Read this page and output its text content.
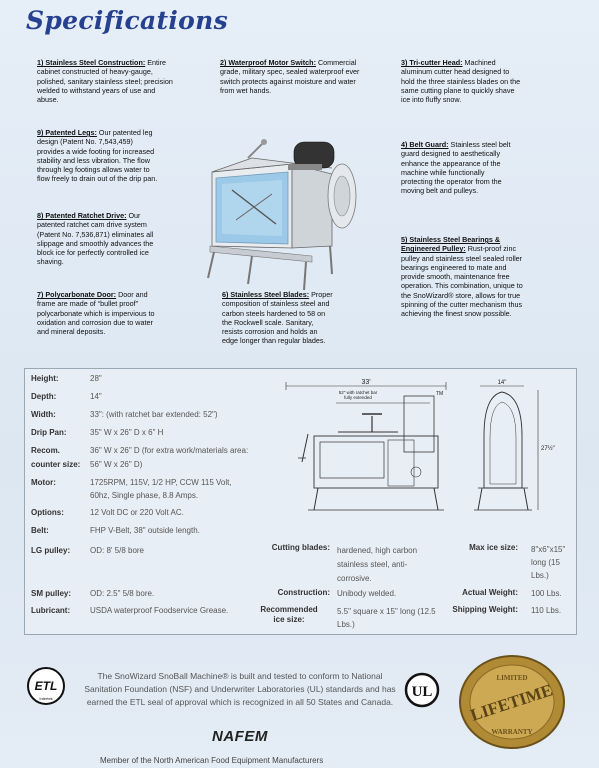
Specifications
1) Stainless Steel Construction: Entire cabinet constructed of heavy-gauge, polished, sanitary stainless steel; precision welded to withstand years of use and abuse.
2) Waterproof Motor Switch: Commercial grade, military spec, sealed waterproof ever switch protects against moisture and water from wet hands.
3) Tri-cutter Head: Machined aluminum cutter head designed to hold the three stainless blades on the same cutting plane to quickly shave ice into fluffy snow.
9) Patented Legs: Our patented leg design (Patent No. 7,543,459) provides a wide footing for increased stability and less vibration. The flow through leg footings allows water to flow freely to drain out of the drip pan.
4) Belt Guard: Stainless steel belt guard designed to aesthetically enhance the appearance of the machine while functionally protecting the operator from the moving belt and pulleys.
8) Patented Ratchet Drive: Our patented ratchet cam drive system (Patent No. 7,536,871) eliminates all slippage and smoothly advances the block ice for perfectly controlled ice shaving.
5) Stainless Steel Bearings & Engineered Pulley: Rust-proof zinc pulley and stainless steel sealed roller bearings engineered to mate and provide smooth, maintenance free operation. This combination, unique to the SnoWizard® store, allows for true spinning of the cutter mechanism thus achieving the finest snow possible.
7) Polycarbonate Door: Door and frame are made of “bullet proof” polycarbonate which is impervious to oxidation and corrosion due to water and mineral deposits.
6) Stainless Steel Blades: Proper composition of stainless steel and carbon steels hardened to 58 on the Rockwell scale. Sanitary, resists corrosion and holds an edge longer than regular blades.
Height:	28"
Depth:	14"
Width:	33": (with ratchet bar extended: 52")
Drip Pan:	35" W x 26" D x 6" H
Recom.	36" W x 26" D (for extra work/materials area:
counter size: 56" W x 26" D)
Motor:	1725RPM, 115V, 1/2 HP, CCW 115 Volt,
60hz, Single phase, 8.8 Amps.
Options:	12 Volt DC or 220 Volt AC.
Belt:	FHP V-Belt, 38" outside length.
LG pulley: OD: 8' 5/8 bore
SM pulley: OD: 2.5" 5/8 bore.
Lubricant: USDA waterproof Foodservice Grease.
Cutting blades: hardened, high carbon
stainless steel, anti-
corrosive.
Construction: Unibody welded.
Recommended
ice size:
5.5" square x 15" long (12.5
Lbs.)
Max ice size: 8"x6"x15"
long (15
Lbs.)
Actual Weight: 100 Lbs.
Shipping Weight: 110 Lbs.
33'
52" with ratchet bar
fully extended
TM
14"
27½"
ETL
Intertek
The SnoWizard SnoBall Machine® is built and tested to conform to National Sanitation Foundation (NSF) and Underwriter Laboratories (UL) standards and has earned the ETL seal of approval which is recognized in all 50 States and Canada.
UL
LIMITED
LIFETIME
WARRANTY
NAFEM
Member of the North American Food Equipment Manufacturers
